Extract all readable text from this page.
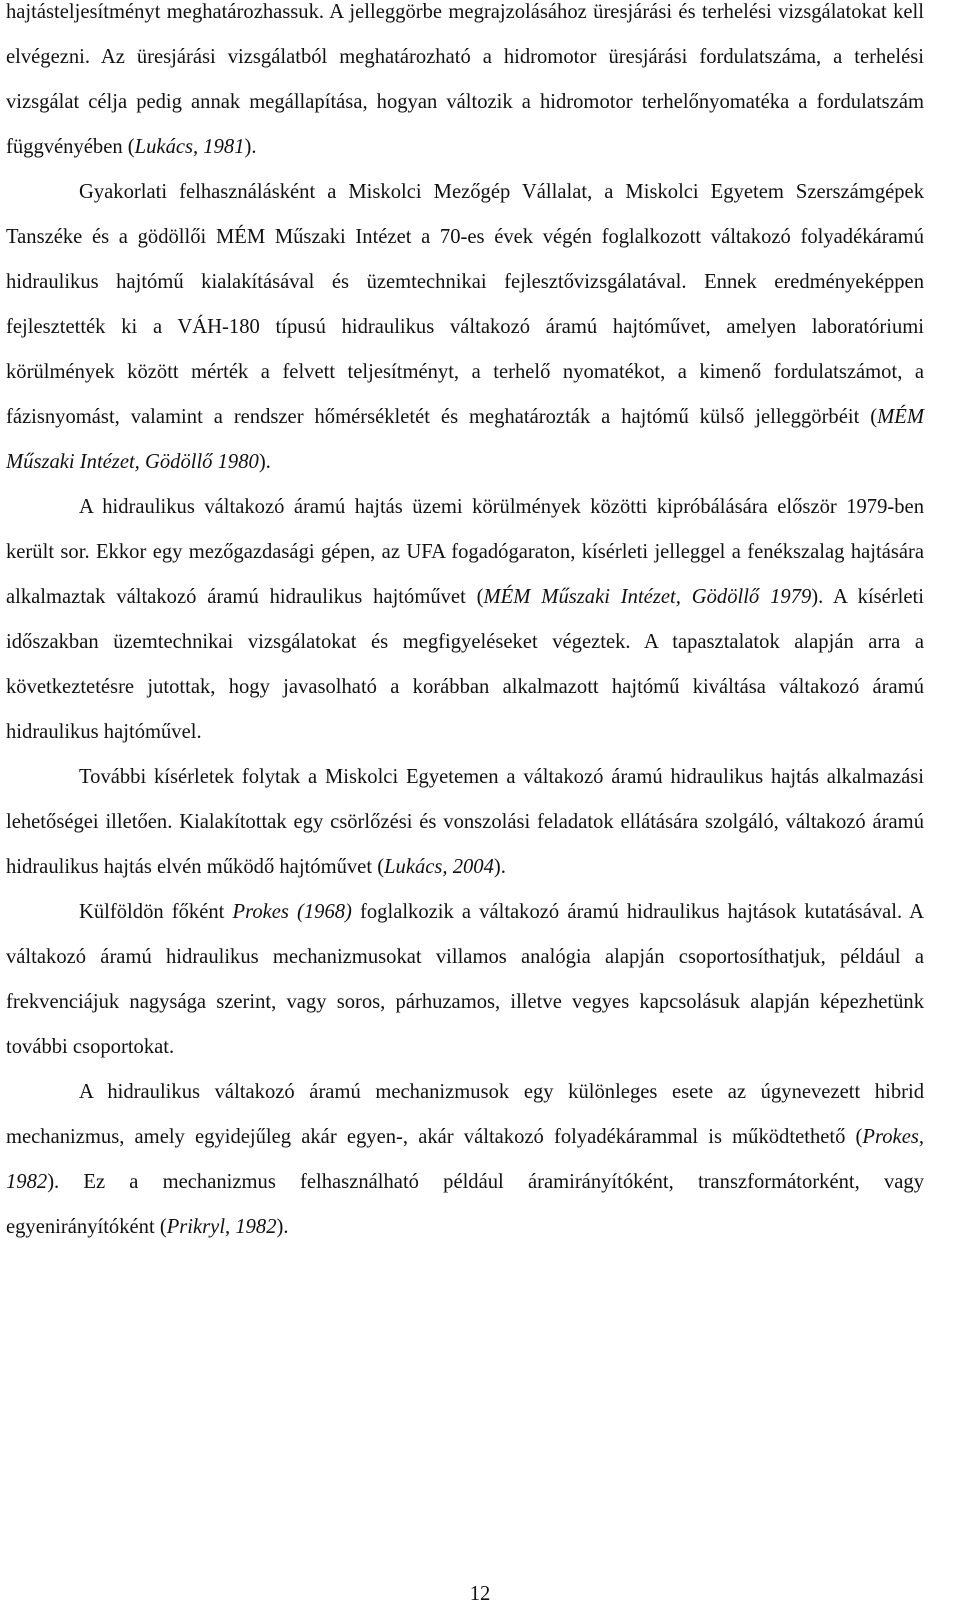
hajtásteljesítményt meghatározhassuk. A jelleggörbe megrajzolásához üresjárási és terhelési vizsgálatokat kell elvégezni. Az üresjárási vizsgálatból meghatározható a hidromotor üresjárási fordulatszáma, a terhelési vizsgálat célja pedig annak megállapítása, hogyan változik a hidromotor terhelőnyomatéka a fordulatszám függvényében (Lukács, 1981).

Gyakorlati felhasználásként a Miskolci Mezőgép Vállalat, a Miskolci Egyetem Szerszámgépek Tanszéke és a gödöllői MÉM Műszaki Intézet a 70-es évek végén foglalkozott váltakozó folyadékáramú hidraulikus hajtómű kialakításával és üzemtechnikai fejlesztővizsgálatával. Ennek eredményeképpen fejlesztették ki a VÁH-180 típusú hidraulikus váltakozó áramú hajtóművet, amelyen laboratóriumi körülmények között mérték a felvett teljesítményt, a terhelő nyomatékot, a kimenő fordulatszámot, a fázisnyomást, valamint a rendszer hőmérsékletét és meghatározták a hajtómű külső jelleggörbéit (MÉM Műszaki Intézet, Gödöllő 1980).

A hidraulikus váltakozó áramú hajtás üzemi körülmények közötti kipróbálására először 1979-ben került sor. Ekkor egy mezőgazdasági gépen, az UFA fogadógaraton, kísérleti jelleggel a fenékszalag hajtására alkalmaztak váltakozó áramú hidraulikus hajtóművet (MÉM Műszaki Intézet, Gödöllő 1979). A kísérleti időszakban üzemtechnikai vizsgálatokat és megfigyeléseket végeztek. A tapasztalatok alapján arra a következtetésre jutottak, hogy javasolható a korábban alkalmazott hajtómű kiváltása váltakozó áramú hidraulikus hajtóművel.

További kísérletek folytak a Miskolci Egyetemen a váltakozó áramú hidraulikus hajtás alkalmazási lehetőségei illetően. Kialakítottak egy csörlőzési és vonszolási feladatok ellátására szolgáló, váltakozó áramú hidraulikus hajtás elvén működő hajtóművet (Lukács, 2004).

Külföldön főként Prokes (1968) foglalkozik a váltakozó áramú hidraulikus hajtások kutatásával. A váltakozó áramú hidraulikus mechanizmusokat villamos analógia alapján csoportosíthatjuk, például a frekvenciájuk nagysága szerint, vagy soros, párhuzamos, illetve vegyes kapcsolásuk alapján képezhetünk további csoportokat.

A hidraulikus váltakozó áramú mechanizmusok egy különleges esete az úgynevezett hibrid mechanizmus, amely egyidejűleg akár egyen-, akár váltakozó folyadékárammal is működtethető (Prokes, 1982). Ez a mechanizmus felhasználható például áramirányítóként, transzformátorként, vagy egyenirányítóként (Prikryl, 1982).

12
